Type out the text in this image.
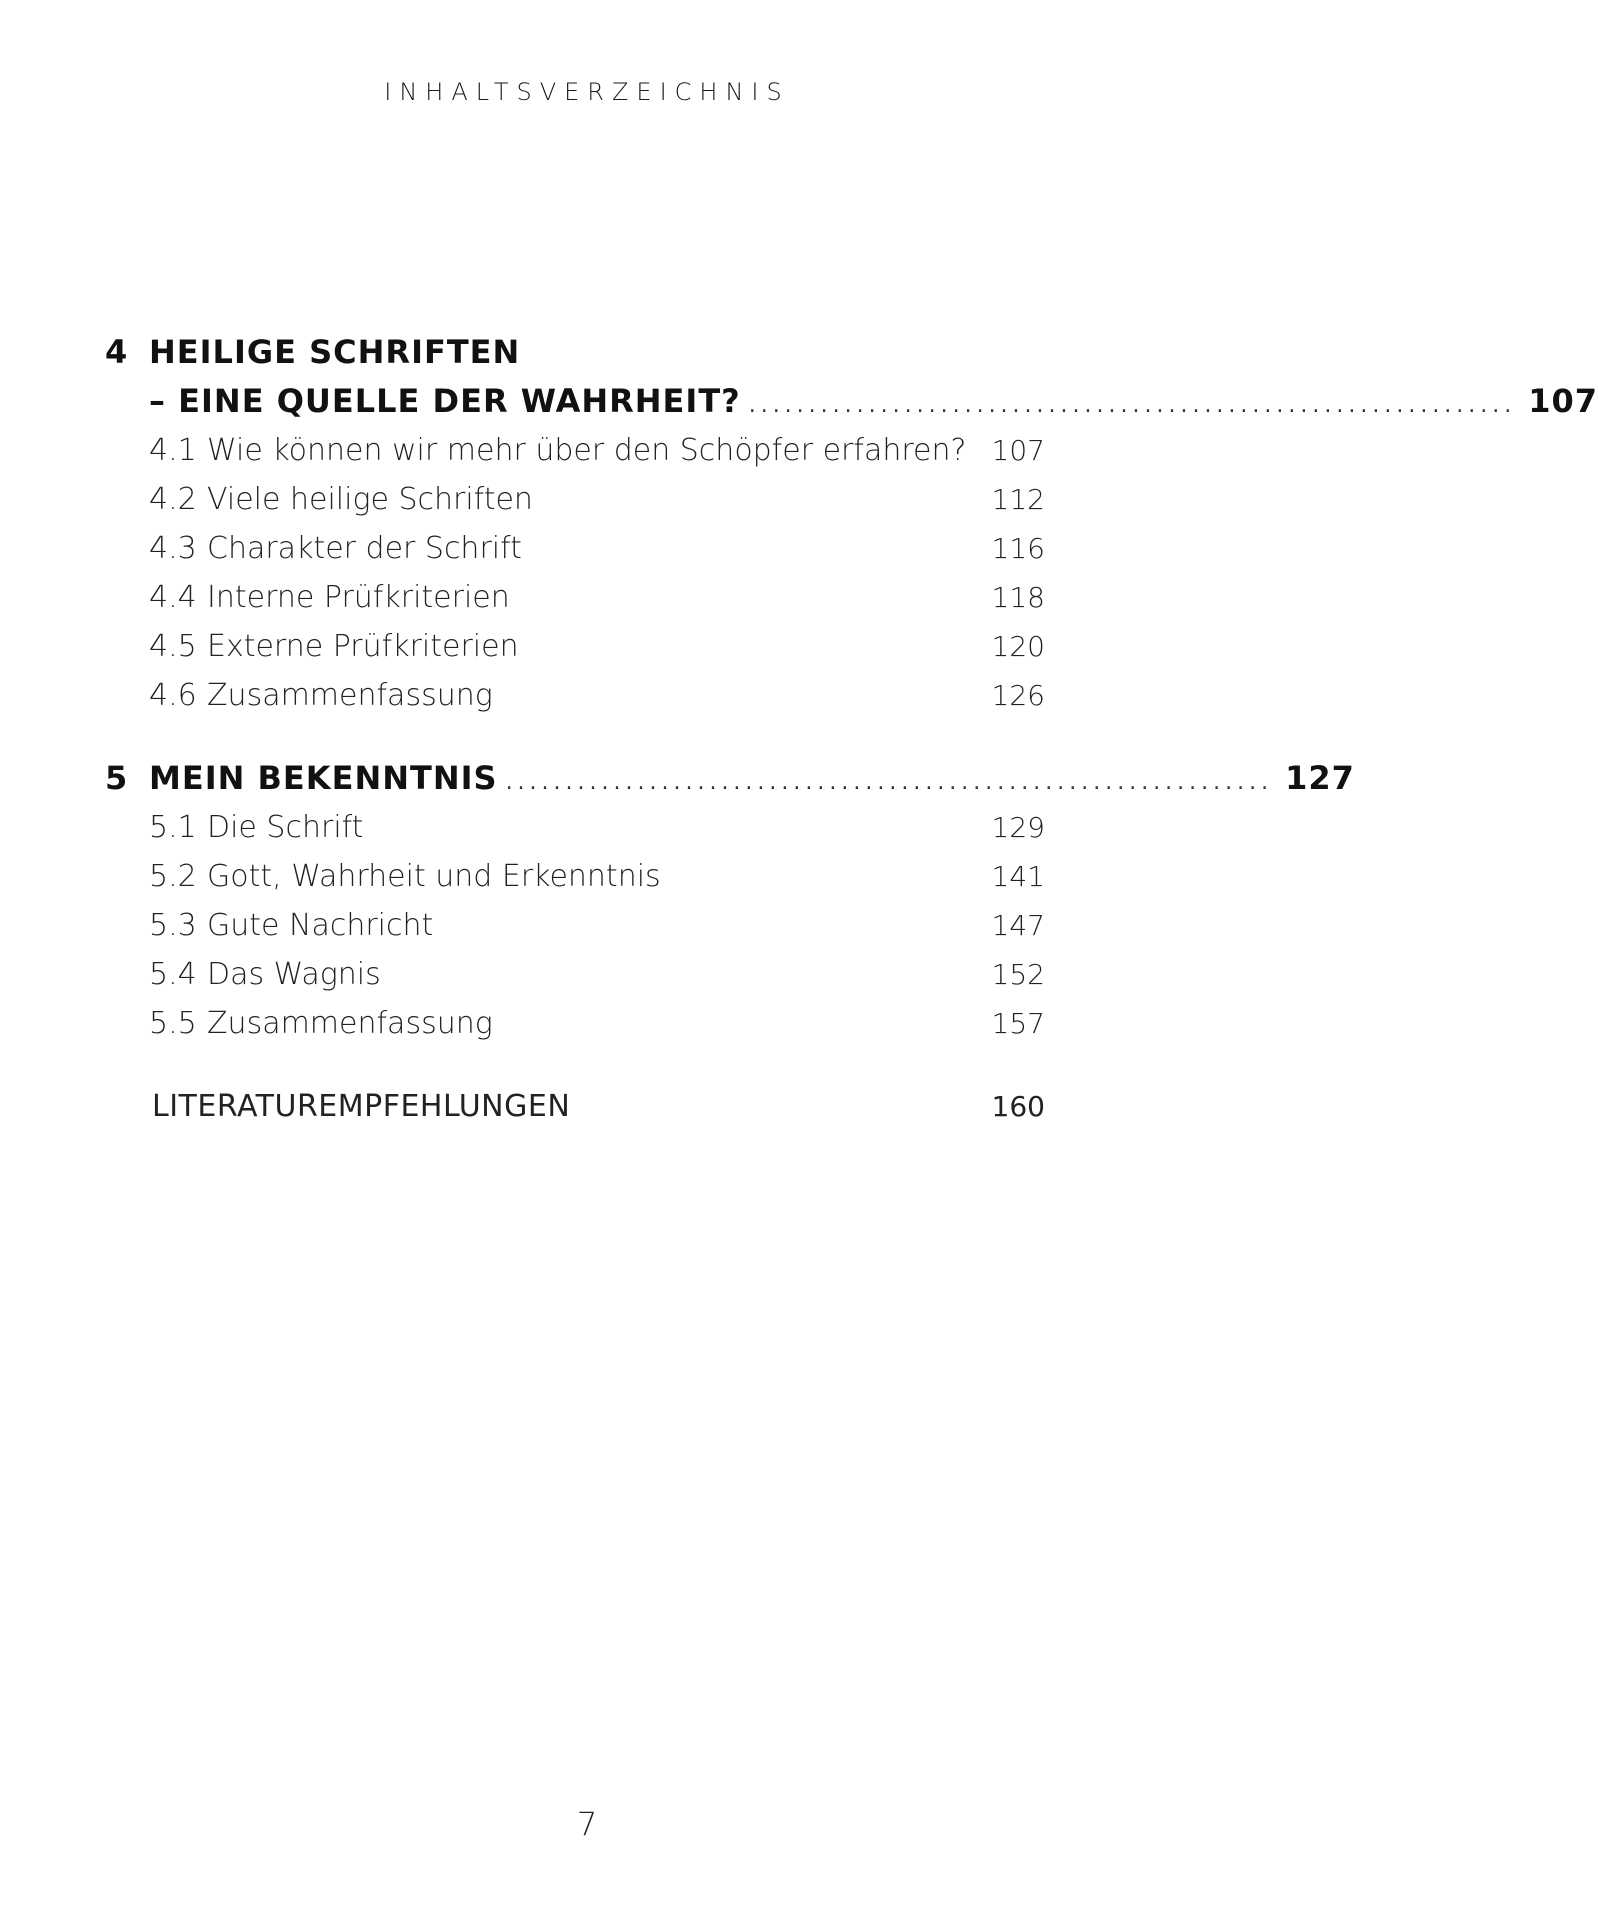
INHALTSVERZEICHNIS
4 HEILIGE SCHRIFTEN
– EINE QUELLE DER WAHRHEIT? ................................................................ 107
4.1 Wie können wir mehr über den Schöpfer erfahren? 107
4.2 Viele heilige Schriften	112
4.3 Charakter der Schrift	116
4.4 Interne Prüfkriterien	118
4.5 Externe Prüfkriterien	120
4.6 Zusammenfassung	126
5 MEIN BEKENNTNIS ................................................................ 127
5.1 Die Schrift	129
5.2 Gott, Wahrheit und Erkenntnis	141
5.3 Gute Nachricht	147
5.4 Das Wagnis	152
5.5 Zusammenfassung	157
LITERATUREMPFEHLUNGEN	160
7
